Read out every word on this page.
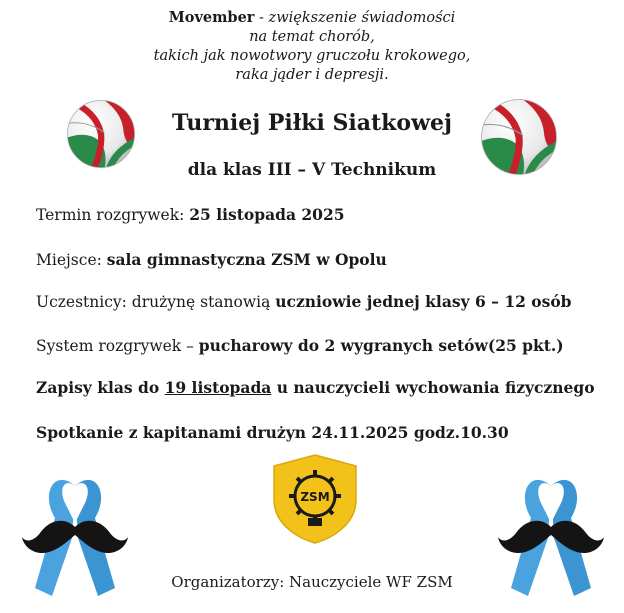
Movember - zwiększenie świadomości
na temat chorób,
takich jak nowotwory gruczołu krokowego,
raka jąder i depresji.
Turniej Piłki Siatkowej
dla klas III – V Technikum
Termin rozgrywek: 25 listopada 2025
Miejsce: sala gimnastyczna ZSM w Opolu
Uczestnicy: drużynę stanowią uczniowie jednej klasy 6 – 12 osób
System rozgrywek – pucharowy do 2 wygranych setów(25 pkt.)
Zapisy klas do 19 listopada u nauczycieli wychowania fizycznego
Spotkanie z kapitanami drużyn 24.11.2025 godz.10.30
ZSM
Organizatorzy: Nauczyciele WF ZSM
